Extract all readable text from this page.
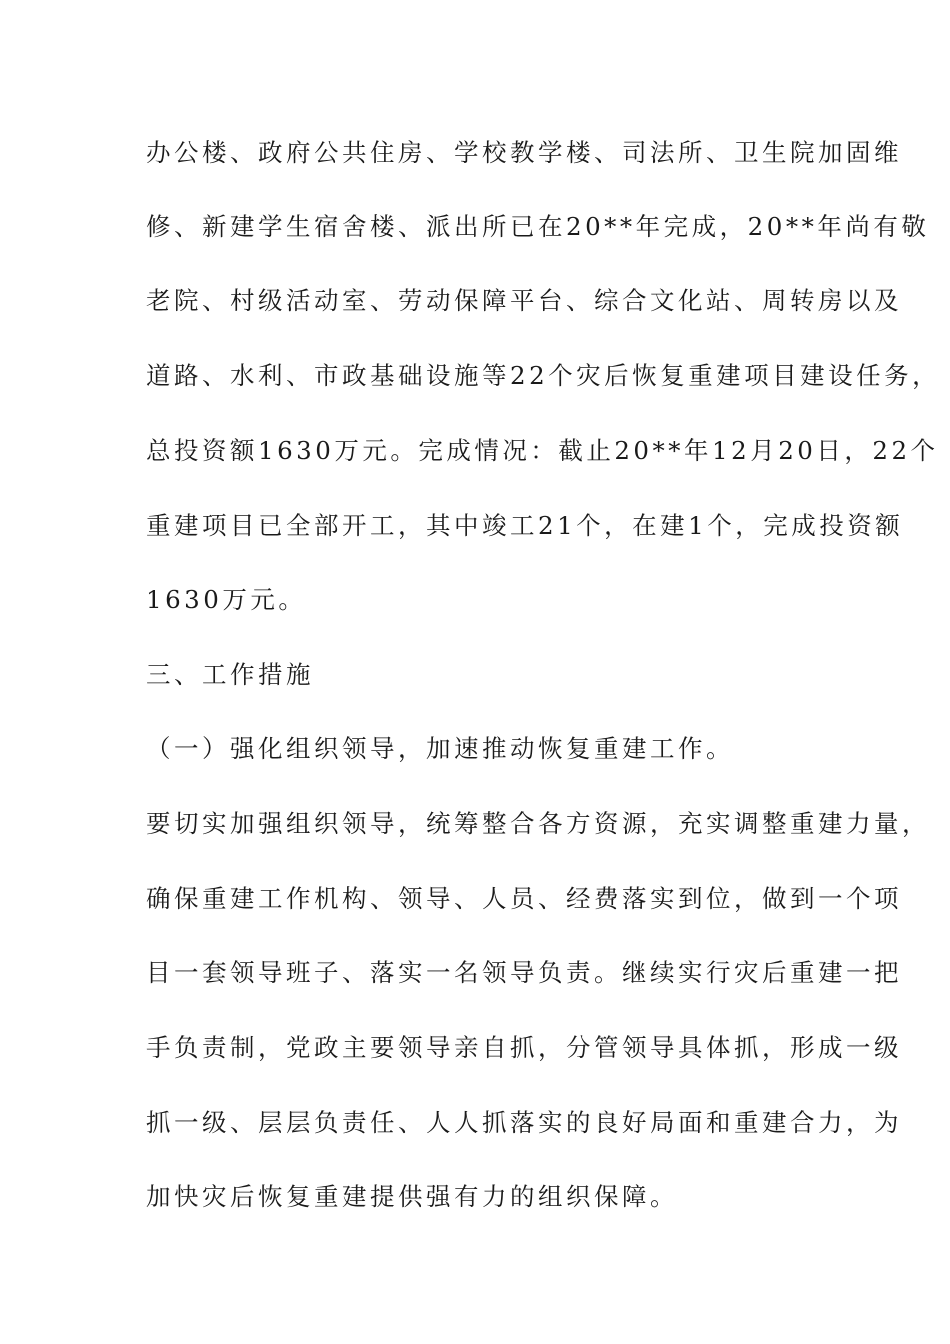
办公楼、政府公共住房、学校教学楼、司法所、卫生院加固维

修、新建学生宿舍楼、派出所已在20**年完成，20**年尚有敬

老院、村级活动室、劳动保障平台、综合文化站、周转房以及

道路、水利、市政基础设施等22个灾后恢复重建项目建设任务，

总投资额1630万元。完成情况：截止20**年12月20日，22个

重建项目已全部开工，其中竣工21个，在建1个，完成投资额

1630万元。

三、工作措施

（一）强化组织领导，加速推动恢复重建工作。

要切实加强组织领导，统筹整合各方资源，充实调整重建力量，

确保重建工作机构、领导、人员、经费落实到位，做到一个项

目一套领导班子、落实一名领导负责。继续实行灾后重建一把

手负责制，党政主要领导亲自抓，分管领导具体抓，形成一级

抓一级、层层负责任、人人抓落实的良好局面和重建合力，为

加快灾后恢复重建提供强有力的组织保障。
